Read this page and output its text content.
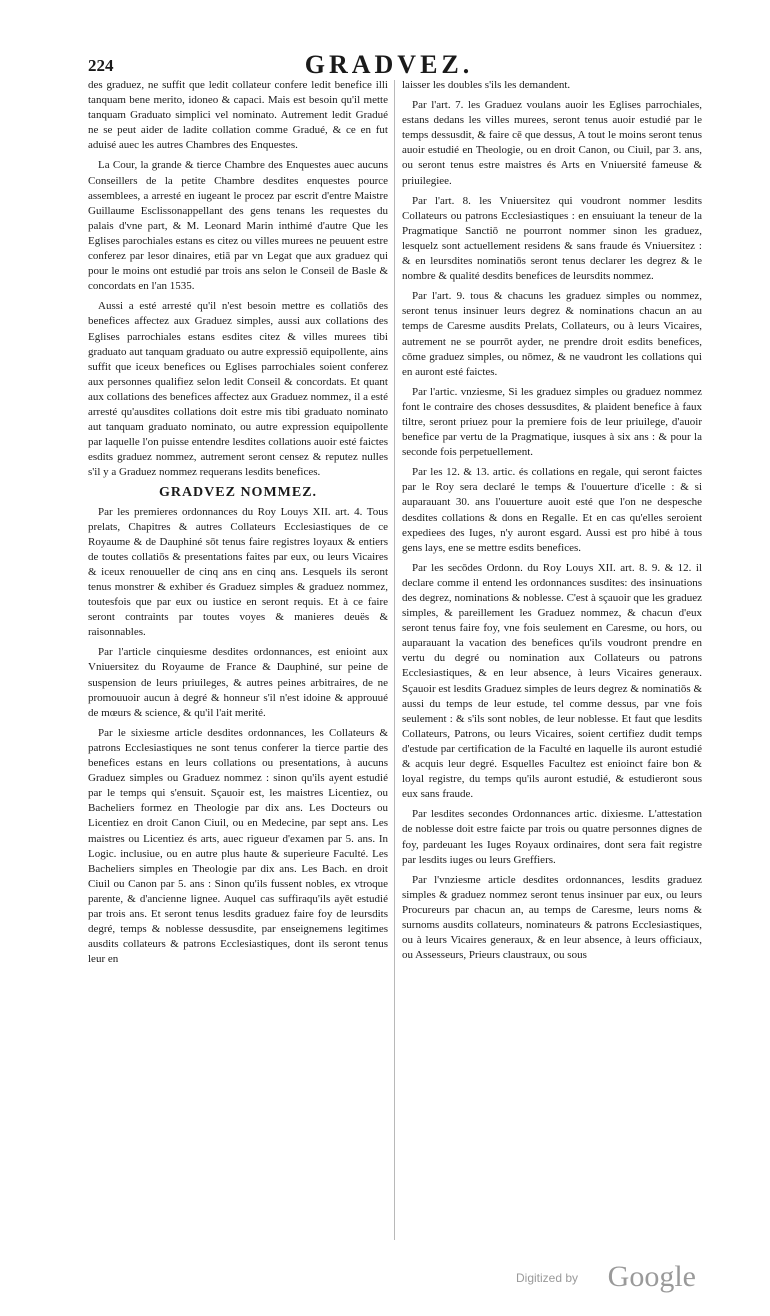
224	GRADVEZ.

des graduez, ne suffit que ledit collateur confere ledit benefice illi tanquam bene merito, idoneo & capaci. Mais est besoin qu'il mette tanquam Graduato simplici vel nominato. Autrement ledit Gradué ne se peut aider de ladite collation comme Gradué, & ce en fut aduisé auec les autres Chambres des Enquestes.

La Cour, la grande & tierce Chambre des Enquestes auec aucuns Conseillers de la petite Chambre desdites enquestes pource assemblees, a arresté en iugeant le procez par escrit d'entre Maistre Guillaume Esclissonappellant des gens tenans les requestes du palais d'vne part, & M. Leonard Marin inthimé d'autre Que les Eglises parochiales estans es citez ou villes murees ne peuuent estre conferez par lesor dinaires, etiā par vn Legat que aux graduez qui pour le moins ont estudié par trois ans selon le Conseil de Basle & concordats en l'an 1535.

Aussi a esté arresté qu'il n'est besoin mettre es collatiōs des benefices affectez aux Graduez simples, aussi aux collations des Eglises parrochiales estans esdites citez & villes murees tibi graduato aut tanquam graduato ou autre expressiō equipollente, ains suffit que iceux benefices ou Eglises parrochiales soient conferez aux personnes qualifiez selon ledit Conseil & concordats. Et quant aux collations des benefices affectez aux Graduez nommez, il a esté arresté qu'ausdites collations doit estre mis tibi graduato nominato aut tanquam graduato nominato, ou autre expression equipollente par laquelle l'on puisse entendre lesdites collations auoir esté faictes esdits graduez nommez, autrement seront censez & reputez nulles s'il y a Graduez nommez requerans lesdits benefices.

GRADVEZ NOMMEZ.

Par les premieres ordonnances du Roy Louys XII. art. 4. Tous prelats, Chapitres & autres Collateurs Ecclesiastiques de ce Royaume & de Dauphiné sōt tenus faire registres loyaux & entiers de toutes collatiōs & presentations faites par eux, ou leurs Vicaires & iceux renouueller de cinq ans en cinq ans. Lesquels ils seront tenus monstrer & exhiber és Graduez simples & graduez nommez, toutesfois que par eux ou iustice en seront requis. Et à ce faire seront contraints par toutes voyes & manieres deuës & raisonnables.

Par l'article cinquiesme desdites ordonnances, est enioint aux Vniuersitez du Royaume de France & Dauphiné, sur peine de suspension de leurs priuileges, & autres peines arbitraires, de ne promouuoir aucun à degré & honneur s'il n'est idoine & approuué de mœurs & science, & qu'il l'ait merité.

Par le sixiesme article desdites ordonnances, les Collateurs & patrons Ecclesiastiques ne sont tenus conferer la tierce partie des benefices estans en leurs collations ou presentations, à aucuns Graduez simples ou Graduez nommez : sinon qu'ils ayent estudié par le temps qui s'ensuit. Sçauoir est, les maistres Licentiez, ou Bacheliers formez en Theologie par dix ans. Les Docteurs ou Licentiez en droit Canon Ciuil, ou en Medecine, par sept ans. Les maistres ou Licentiez és arts, auec rigueur d'examen par 5. ans. In Logic. inclusiue, ou en autre plus haute & superieure Faculté. Les Bacheliers simples en Theologie par dix ans. Les Bach. en droit Ciuil ou Canon par 5. ans : Sinon qu'ils fussent nobles, ex vtroque parente, & d'ancienne lignee. Auquel cas suffiraqu'ils ayēt estudié par trois ans. Et seront tenus lesdits graduez faire foy de leursdits degré, temps & noblesse dessusdite, par enseignemens legitimes ausdits collateurs & patrons Ecclesiastiques, dont ils seront tenus leur en

laisser les doubles s'ils les demandent.

Par l'art. 7. les Graduez voulans auoir les Eglises parrochiales, estans dedans les villes murees, seront tenus auoir estudié par le temps dessusdit, & faire cē que dessus, A tout le moins seront tenus auoir estudié en Theologie, ou en droit Canon, ou Ciuil, par 3. ans, ou seront tenus estre maistres és Arts en Vniuersité fameuse & priuilegiee.

Par l'art. 8. les Vniuersitez qui voudront nommer lesdits Collateurs ou patrons Ecclesiastiques : en ensuiuant la teneur de la Pragmatique Sanctiō ne pourront nommer sinon les graduez, lesquelz sont actuellement residens & sans fraude és Vniuersitez : & en leursdites nominatiōs seront tenus declarer les degrez & le nombre & qualité desdits benefices de leursdits nommez.

Par l'art. 9. tous & chacuns les graduez simples ou nommez, seront tenus insinuer leurs degrez & nominations chacun an au temps de Caresme ausdits Prelats, Collateurs, ou à leurs Vicaires, autrement ne se pourrōt ayder, ne prendre droit esdits benefices, cōme graduez simples, ou nōmez, & ne vaudront les collations qui en auront esté faictes.

Par l'artic. vnziesme, Si les graduez simples ou graduez nommez font le contraire des choses dessusdites, & plaident benefice à faux tiltre, seront priuez pour la premiere fois de leur priuilege, d'auoir benefice par vertu de la Pragmatique, iusques à six ans : & pour la seconde fois perpetuellement.

Par les 12. & 13. artic. és collations en regale, qui seront faictes par le Roy sera declaré le temps & l'ouuerture d'icelle : & si auparauant 30. ans l'ouuerture auoit esté que l'on ne despesche desdites collations & dons en Regalle. Et en cas qu'elles seroient expediees des Iuges, n'y auront esgard. Aussi est pro hibé à tous gens lays, ene se mettre esdits benefices.

Par les secōdes Ordonn. du Roy Louys XII. art. 8. 9. & 12. il declare comme il entend les ordonnances susdites: des insinuations des degrez, nominations & noblesse. C'est à sçauoir que les graduez simples, & pareillement les Graduez nommez, & chacun d'eux seront tenus faire foy, vne fois seulement en Caresme, ou hors, ou auparauant la vacation des benefices qu'ils voudront prendre en vertu du degré ou nomination aux Collateurs ou patrons Ecclesiastiques, & en leur absence, à leurs Vicaires generaux. Sçauoir est lesdits Graduez simples de leurs degrez & nominatiōs & aussi du temps de leur estude, tel comme dessus, par vne fois seulement : & s'ils sont nobles, de leur noblesse. Et faut que lesdits Collateurs, Patrons, ou leurs Vicaires, soient certifiez dudit temps d'estude par certification de la Faculté en laquelle ils auront estudié & acquis leur degré. Esquelles Facultez est enioinct faire bon & loyal registre, du temps qu'ils auront estudié, & estudieront sous eux sans fraude.

Par lesdites secondes Ordonnances artic. dixiesme. L'attestation de noblesse doit estre faicte par trois ou quatre personnes dignes de foy, pardeuant les Iuges Royaux ordinaires, dont sera fait registre par lesdits iuges ou leurs Greffiers.

Par l'vnziesme article desdites ordonnances, lesdits graduez simples & graduez nommez seront tenus insinuer par eux, ou leurs Procureurs par chacun an, au temps de Caresme, leurs noms & surnoms ausdits collateurs, nominateurs & patrons Ecclesiastiques, ou à leurs Vicaires generaux, & en leur absence, à leurs officiaux, ou Assesseurs, Prieurs claustraux, ou sous

Digitized by Google
